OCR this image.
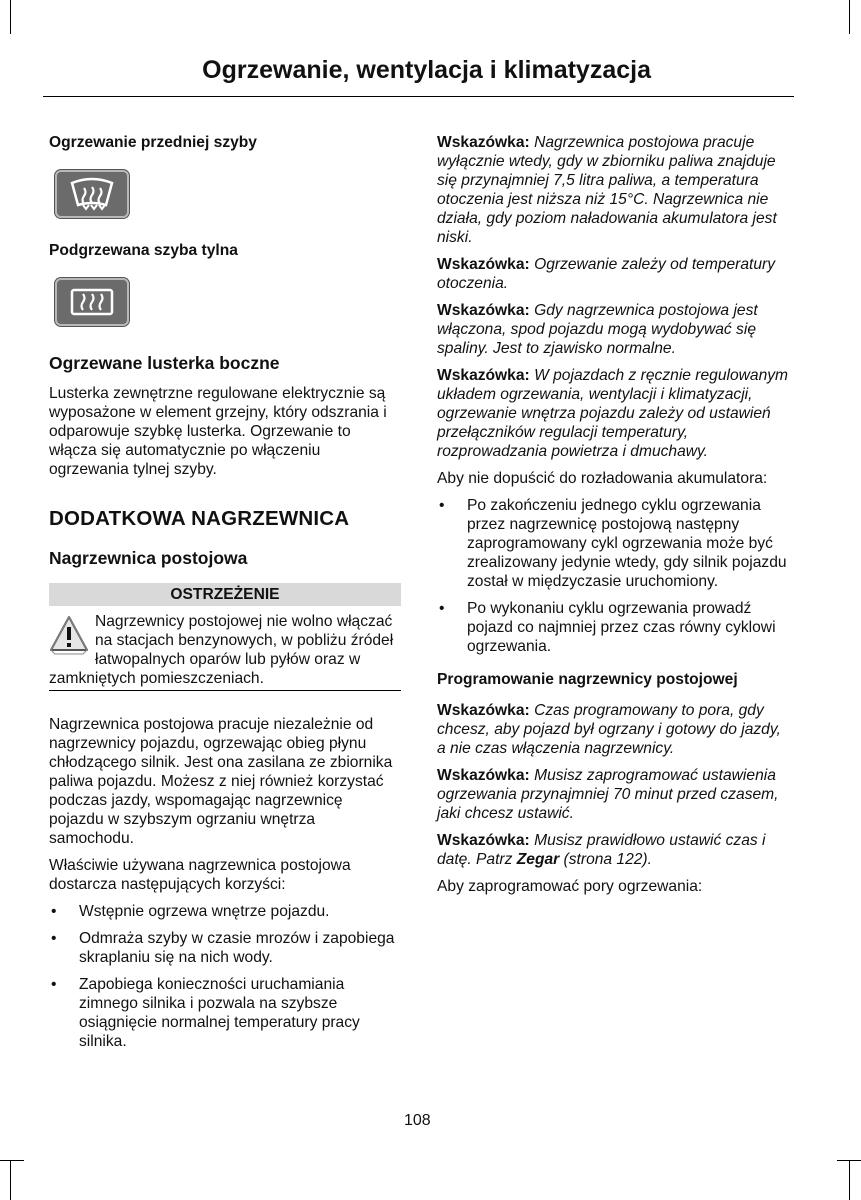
Ogrzewanie, wentylacja i klimatyzacja
Ogrzewanie przedniej szyby
Podgrzewana szyba tylna
Ogrzewane lusterka boczne

Lusterka zewnętrzne regulowane elektrycznie są wyposażone w element grzejny, który odszrania i odparowuje szybkę lusterka. Ogrzewanie to włącza się automatycznie po włączeniu ogrzewania tylnej szyby.

DODATKOWA NAGRZEWNICA
Nagrzewnica postojowa
OSTRZEŻENIE

Nagrzewnicy postojowej nie wolno włączać na stacjach benzynowych, w pobliżu źródeł łatwopalnych oparów lub pyłów oraz w zamkniętych pomieszczeniach.

Nagrzewnica postojowa pracuje niezależnie od nagrzewnicy pojazdu, ogrzewając obieg płynu chłodzącego silnik. Jest ona zasilana ze zbiornika paliwa pojazdu. Możesz z niej również korzystać podczas jazdy, wspomagając nagrzewnicę pojazdu w szybszym ogrzaniu wnętrza samochodu.

Właściwie używana nagrzewnica postojowa dostarcza następujących korzyści:

• Wstępnie ogrzewa wnętrze pojazdu.
• Odmraża szyby w czasie mrozów i zapobiega skraplaniu się na nich wody.
• Zapobiega konieczności uruchamiania zimnego silnika i pozwala na szybsze osiągnięcie normalnej temperatury pracy silnika.

Wskazówka: Nagrzewnica postojowa pracuje wyłącznie wtedy, gdy w zbiorniku paliwa znajduje się przynajmniej 7,5 litra paliwa, a temperatura otoczenia jest niższa niż 15°C. Nagrzewnica nie działa, gdy poziom naładowania akumulatora jest niski.

Wskazówka: Ogrzewanie zależy od temperatury otoczenia.

Wskazówka: Gdy nagrzewnica postojowa jest włączona, spod pojazdu mogą wydobywać się spaliny. Jest to zjawisko normalne.

Wskazówka: W pojazdach z ręcznie regulowanym układem ogrzewania, wentylacji i klimatyzacji, ogrzewanie wnętrza pojazdu zależy od ustawień przełączników regulacji temperatury, rozprowadzania powietrza i dmuchawy.

Aby nie dopuścić do rozładowania akumulatora:

• Po zakończeniu jednego cyklu ogrzewania przez nagrzewnicę postojową następny zaprogramowany cykl ogrzewania może być zrealizowany jedynie wtedy, gdy silnik pojazdu został w międzyczasie uruchomiony.
• Po wykonaniu cyklu ogrzewania prowadź pojazd co najmniej przez czas równy cyklowi ogrzewania.
Programowanie nagrzewnicy postojowej

Wskazówka: Czas programowany to pora, gdy chcesz, aby pojazd był ogrzany i gotowy do jazdy, a nie czas włączenia nagrzewnicy.

Wskazówka: Musisz zaprogramować ustawienia ogrzewania przynajmniej 70 minut przed czasem, jaki chcesz ustawić.

Wskazówka: Musisz prawidłowo ustawić czas i datę. Patrz Zegar (strona 122).

Aby zaprogramować pory ogrzewania:

108
